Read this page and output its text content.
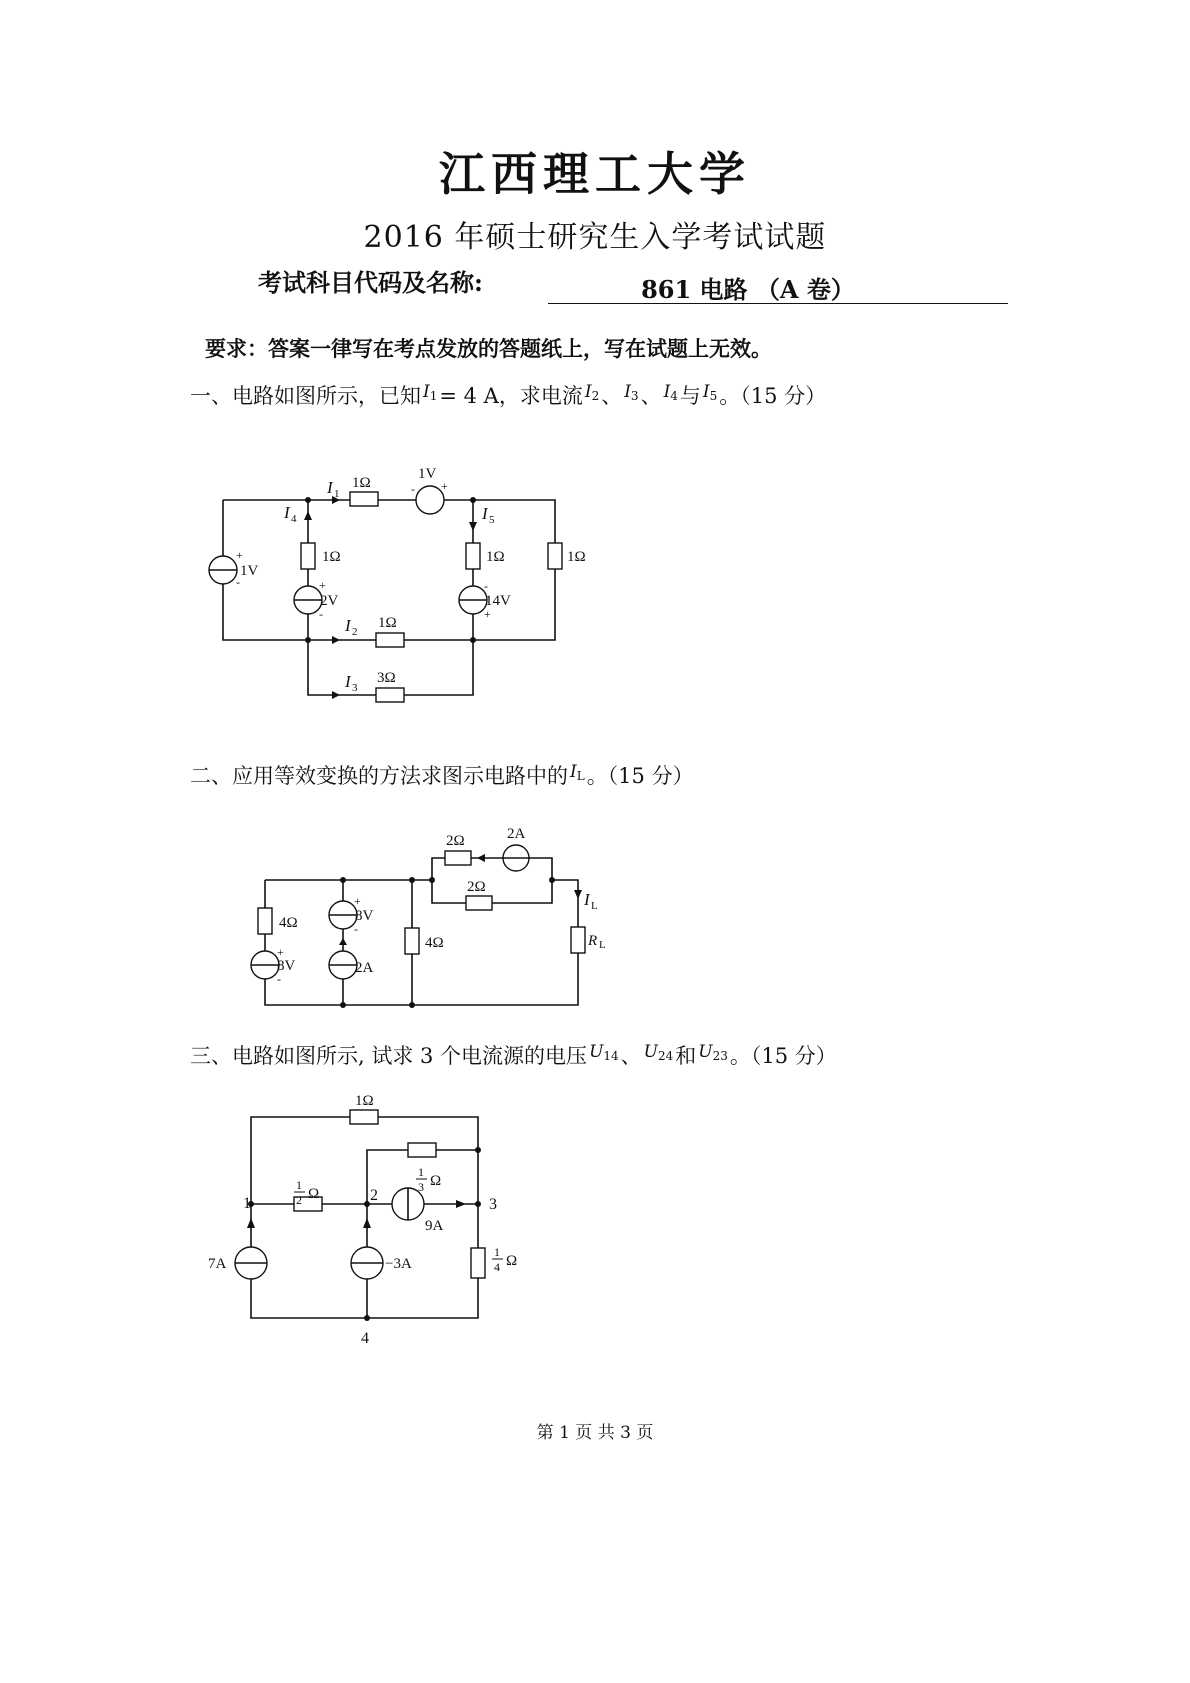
江西理工大学
2016 年硕士研究生入学考试试题
考试科目代码及名称:	861 电路 （A 卷）
要求：答案一律写在考点发放的答题纸上，写在试题上无效。
一、电路如图所示，已知 $^{I_1}$= 4 A，求电流 $^{I_2}$、 $^{I_3}$、 $^{I_4}$与 $^{I_5}$。（15 分）
I 1
1Ω
1V
- +
I 4	I 5
1V
+
-
1Ω
2V
+
-
1Ω
14V
-
+
1Ω
I 2
1Ω
I 3
3Ω
2Ω	2A
2Ω
I L
R L
4Ω
8V
+
-
8V
+
-
2A
4Ω
1Ω
1
3 Ω
1
2 Ω
1
4 Ω
9A
7A	−3A
1	2
3
4
二、应用等效变换的方法求图示电路中的 $^{I_L}$。（15 分）
三、电路如图所示, 试求 3 个电流源的电压 $^{U_{14}}$、 $^{U_{24}}$和 $^{U_{23}}$。（15 分）
第 1 页 共 3 页
